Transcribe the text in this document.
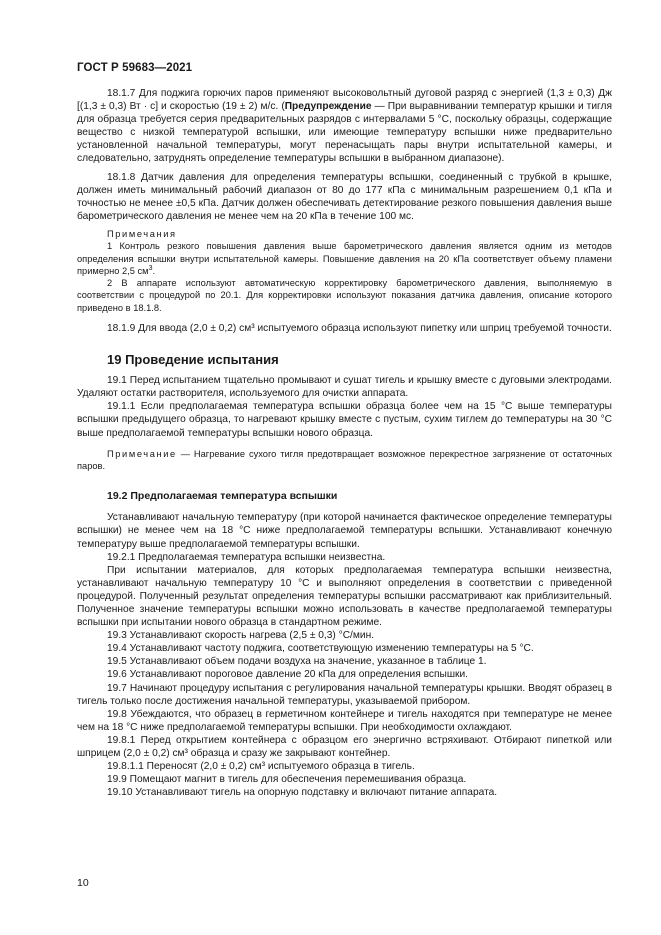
ГОСТ Р 59683—2021

18.1.7 Для поджига горючих паров применяют высоковольтный дуговой разряд с энергией (1,3 ± 0,3) Дж [(1,3 ± 0,3) Вт · с] и скоростью (19 ± 2) м/с. (Предупреждение — При выравнивании температур крышки и тигля для образца требуется серия предварительных разрядов с интервалами 5 °С, поскольку образцы, содержащие вещество с низкой температурой вспышки, или имеющие температуру вспышки ниже предварительно установленной начальной температуры, могут перенасыщать пары внутри испытательной камеры, и следовательно, затруднять определение температуры вспышки в выбранном диапазоне).

18.1.8 Датчик давления для определения температуры вспышки, соединенный с трубкой в крышке, должен иметь минимальный рабочий диапазон от 80 до 177 кПа с минимальным разрешением 0,1 кПа и точностью не менее ±0,5 кПа. Датчик должен обеспечивать детектирование резкого повышения давления выше барометрического давления не менее чем на 20 кПа в течение 100 мс.

Примечания

1 Контроль резкого повышения давления выше барометрического давления является одним из методов определения вспышки внутри испытательной камеры. Повышение давления на 20 кПа соответствует объему пламени примерно 2,5 $см^3$.

2 В аппарате используют автоматическую корректировку барометрического давления, выполняемую в соответствии с процедурой по 20.1. Для корректировки используют показания датчика давления, описание которого приведено в 18.1.8.

18.1.9 Для ввода (2,0 ± 0,2) см³ испытуемого образца используют пипетку или шприц требуемой точности.

19 Проведение испытания

19.1 Перед испытанием тщательно промывают и сушат тигель и крышку вместе с дуговыми электродами. Удаляют остатки растворителя, используемого для очистки аппарата.

19.1.1 Если предполагаемая температура вспышки образца более чем на 15 °С выше температуры вспышки предыдущего образца, то нагревают крышку вместе с пустым, сухим тиглем до температуры на 30 °С выше предполагаемой температуры вспышки нового образца.

Примечание — Нагревание сухого тигля предотвращает возможное перекрестное загрязнение от остаточных паров.

19.2 Предполагаемая температура вспышки

Устанавливают начальную температуру (при которой начинается фактическое определение температуры вспышки) не менее чем на 18 °С ниже предполагаемой температуры вспышки. Устанавливают конечную температуру выше предполагаемой температуры вспышки.

19.2.1 Предполагаемая температура вспышки неизвестна.

При испытании материалов, для которых предполагаемая температура вспышки неизвестна, устанавливают начальную температуру 10 °С и выполняют определения в соответствии с приведенной процедурой. Полученный результат определения температуры вспышки рассматривают как приблизительный. Полученное значение температуры вспышки можно использовать в качестве предполагаемой температуры вспышки при испытании нового образца в стандартном режиме.

19.3 Устанавливают скорость нагрева (2,5 ± 0,3) °С/мин.

19.4 Устанавливают частоту поджига, соответствующую изменению температуры на 5 °С.

19.5 Устанавливают объем подачи воздуха на значение, указанное в таблице 1.

19.6 Устанавливают пороговое давление 20 кПа для определения вспышки.

19.7 Начинают процедуру испытания с регулирования начальной температуры крышки. Вводят образец в тигель только после достижения начальной температуры, указываемой прибором.

19.8 Убеждаются, что образец в герметичном контейнере и тигель находятся при температуре не менее чем на 18 °С ниже предполагаемой температуры вспышки. При необходимости охлаждают.

19.8.1 Перед открытием контейнера с образцом его энергично встряхивают. Отбирают пипеткой или шприцем (2,0 ± 0,2) см³ образца и сразу же закрывают контейнер.

19.8.1.1 Переносят (2,0 ± 0,2) см³ испытуемого образца в тигель.

19.9 Помещают магнит в тигель для обеспечения перемешивания образца.

19.10 Устанавливают тигель на опорную подставку и включают питание аппарата.

10
